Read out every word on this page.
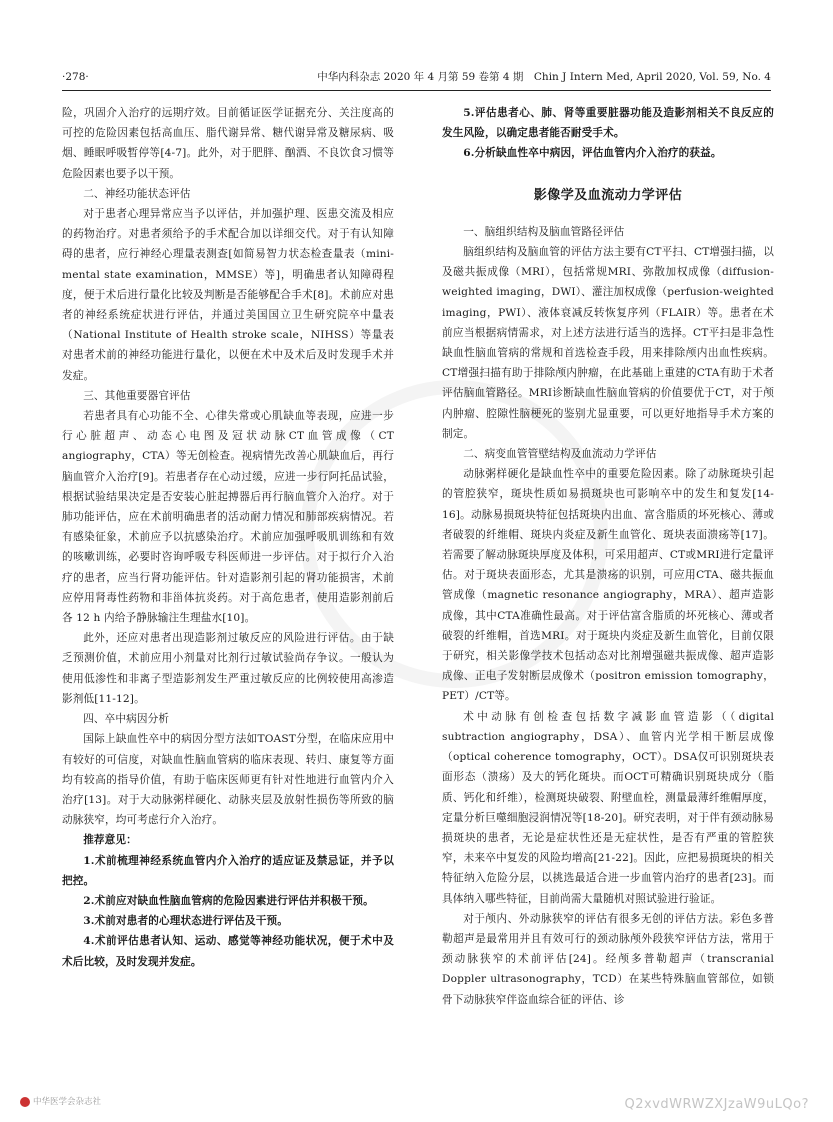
·278·	中华内科杂志 2020 年 4 月第 59 卷第 4 期　Chin J Intern Med, April 2020, Vol. 59, No. 4

险，巩固介入治疗的远期疗效。目前循证医学证据充分、关注度高的可控的危险因素包括高血压、脂代谢异常、糖代谢异常及糖尿病、吸烟、睡眠呼吸暂停等[4-7]。此外，对于肥胖、酗酒、不良饮食习惯等危险因素也要予以干预。

二、神经功能状态评估

对于患者心理异常应当予以评估，并加强护理、医患交流及相应的药物治疗。对患者须给予的手术配合加以详细交代。对于有认知障碍的患者，应行神经心理量表测查[如简易智力状态检查量表（mini-mental state examination，MMSE）等]，明确患者认知障碍程度，便于术后进行量化比较及判断是否能够配合手术[8]。术前应对患者的神经系统症状进行评估，并通过美国国立卫生研究院卒中量表（National Institute of Health stroke scale，NIHSS）等量表对患者术前的神经功能进行量化，以便在术中及术后及时发现手术并发症。

三、其他重要器官评估

若患者具有心功能不全、心律失常或心肌缺血等表现，应进一步行心脏超声、动态心电图及冠状动脉CT血管成像（CT angiography，CTA）等无创检查。视病情先改善心肌缺血后，再行脑血管介入治疗[9]。若患者存在心动过缓，应进一步行阿托品试验，根据试验结果决定是否安装心脏起搏器后再行脑血管介入治疗。对于肺功能评估，应在术前明确患者的活动耐力情况和肺部疾病情况。若有感染征象，术前应予以抗感染治疗。术前应加强呼吸肌训练和有效的咳嗽训练，必要时咨询呼吸专科医师进一步评估。对于拟行介入治疗的患者，应当行肾功能评估。针对造影剂引起的肾功能损害，术前应停用肾毒性药物和非甾体抗炎药。对于高危患者，使用造影剂前后各 12 h 内给予静脉输注生理盐水[10]。

此外，还应对患者出现造影剂过敏反应的风险进行评估。由于缺乏预测价值，术前应用小剂量对比剂行过敏试验尚存争议。一般认为使用低渗性和非离子型造影剂发生严重过敏反应的比例较使用高渗造影剂低[11-12]。

四、卒中病因分析

国际上缺血性卒中的病因分型方法如TOAST分型，在临床应用中有较好的可信度，对缺血性脑血管病的临床表现、转归、康复等方面均有较高的指导价值，有助于临床医师更有针对性地进行血管内介入治疗[13]。对于大动脉粥样硬化、动脉夹层及放射性损伤等所致的脑动脉狭窄，均可考虑行介入治疗。

推荐意见：

1.术前梳理神经系统血管内介入治疗的适应证及禁忌证，并予以把控。

2.术前应对缺血性脑血管病的危险因素进行评估并积极干预。

3.术前对患者的心理状态进行评估及干预。

4.术前评估患者认知、运动、感觉等神经功能状况，便于术中及术后比较，及时发现并发症。

5.评估患者心、肺、肾等重要脏器功能及造影剂相关不良反应的发生风险，以确定患者能否耐受手术。

6.分析缺血性卒中病因，评估血管内介入治疗的获益。

影像学及血流动力学评估
一、脑组织结构及脑血管路径评估

脑组织结构及脑血管的评估方法主要有CT平扫、CT增强扫描，以及磁共振成像（MRI），包括常规MRI、弥散加权成像（diffusion-weighted imaging，DWI）、灌注加权成像（perfusion-weighted imaging，PWI）、液体衰减反转恢复序列（FLAIR）等。患者在术前应当根据病情需求，对上述方法进行适当的选择。CT平扫是非急性缺血性脑血管病的常规和首选检查手段，用来排除颅内出血性疾病。CT增强扫描有助于排除颅内肿瘤，在此基础上重建的CTA有助于术者评估脑血管路径。MRI诊断缺血性脑血管病的价值要优于CT，对于颅内肿瘤、腔隙性脑梗死的鉴别尤显重要，可以更好地指导手术方案的制定。

二、病变血管管壁结构及血流动力学评估

动脉粥样硬化是缺血性卒中的重要危险因素。除了动脉斑块引起的管腔狭窄，斑块性质如易损斑块也可影响卒中的发生和复发[14-16]。动脉易损斑块特征包括斑块内出血、富含脂质的坏死核心、薄或者破裂的纤维帽、斑块内炎症及新生血管化、斑块表面溃疡等[17]。若需要了解动脉斑块厚度及体积，可采用超声、CT或MRI进行定量评估。对于斑块表面形态，尤其是溃疡的识别，可应用CTA、磁共振血管成像（magnetic resonance angiography，MRA）、超声造影成像，其中CTA准确性最高。对于评估富含脂质的坏死核心、薄或者破裂的纤维帽，首选MRI。对于斑块内炎症及新生血管化，目前仅限于研究，相关影像学技术包括动态对比剂增强磁共振成像、超声造影成像、正电子发射断层成像术（positron emission tomography，PET）/CT等。

术中动脉有创检查包括数字减影血管造影（（digital subtraction angiography，DSA）、血管内光学相干断层成像（optical coherence tomography，OCT）。DSA仅可识别斑块表面形态（溃疡）及大的钙化斑块。而OCT可精确识别斑块成分（脂质、钙化和纤维），检测斑块破裂、附壁血栓，测量最薄纤维帽厚度，定量分析巨噬细胞浸润情况等[18-20]。研究表明，对于伴有颈动脉易损斑块的患者，无论是症状性还是无症状性，是否有严重的管腔狭窄，未来卒中复发的风险均增高[21-22]。因此，应把易损斑块的相关特征纳入危险分层，以挑选最适合进一步血管内治疗的患者[23]。而具体纳入哪些特征，目前尚需大量随机对照试验进行验证。

对于颅内、外动脉狭窄的评估有很多无创的评估方法。彩色多普勒超声是最常用并且有效可行的颈动脉颅外段狭窄评估方法，常用于颈动脉狭窄的术前评估[24]。经颅多普勒超声（transcranial Doppler ultrasonography，TCD）在某些特殊脑血管部位，如锁骨下动脉狭窄伴盗血综合征的评估、诊

中华医学会杂志社	Q2xvdWRWZXJzaW9uLQo?
